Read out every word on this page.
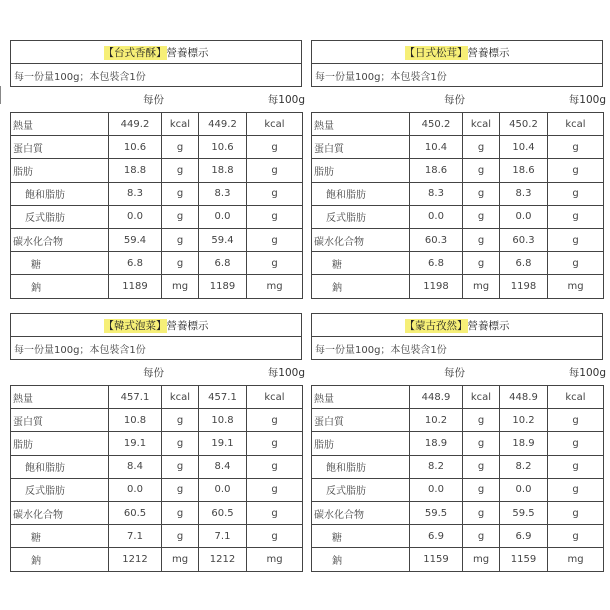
【台式香酥】營養標示
每一份量100g；本包裝含1份
每份	每100g
熱量	449.2	kcal	449.2	kcal
蛋白質	10.6	g	10.6	g
脂肪	18.8	g	18.8	g
飽和脂肪	8.3	g	8.3	g
反式脂肪	0.0	g	0.0	g
碳水化合物	59.4	g	59.4	g
糖	6.8	g	6.8	g
鈉	1189	mg	1189	mg
【日式松茸】營養標示
每一份量100g；本包裝含1份
每份	每100g
熱量	450.2	kcal	450.2	kcal
蛋白質	10.4	g	10.4	g
脂肪	18.6	g	18.6	g
飽和脂肪	8.3	g	8.3	g
反式脂肪	0.0	g	0.0	g
碳水化合物	60.3	g	60.3	g
糖	6.8	g	6.8	g
鈉	1198	mg	1198	mg
【韓式泡菜】營養標示
每一份量100g；本包裝含1份
每份	每100g
熱量	457.1	kcal	457.1	kcal
蛋白質	10.8	g	10.8	g
脂肪	19.1	g	19.1	g
飽和脂肪	8.4	g	8.4	g
反式脂肪	0.0	g	0.0	g
碳水化合物	60.5	g	60.5	g
糖	7.1	g	7.1	g
鈉	1212	mg	1212	mg
【蒙古孜然】營養標示
每一份量100g；本包裝含1份
每份	每100g
熱量	448.9	kcal	448.9	kcal
蛋白質	10.2	g	10.2	g
脂肪	18.9	g	18.9	g
飽和脂肪	8.2	g	8.2	g
反式脂肪	0.0	g	0.0	g
碳水化合物	59.5	g	59.5	g
糖	6.9	g	6.9	g
鈉	1159	mg	1159	mg
